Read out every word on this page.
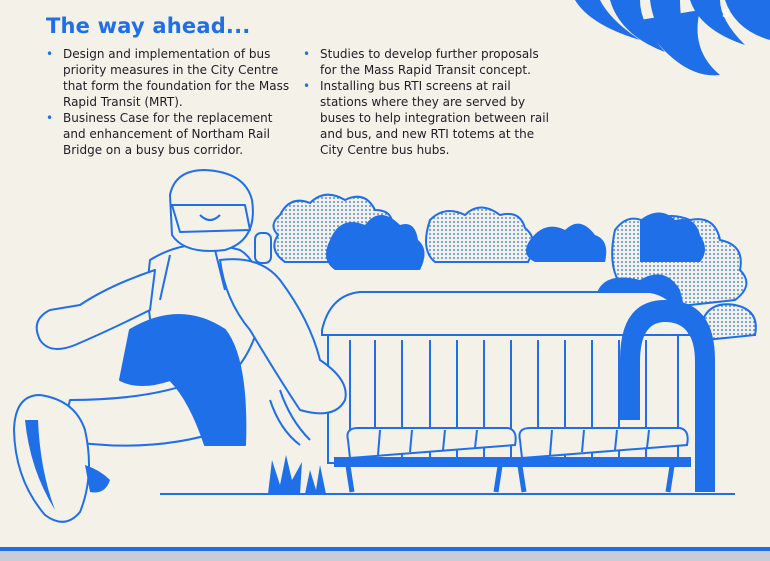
s
The way ahead...
• Design and implementation of bus priority measures in the City Centre that form the foundation for the Mass Rapid Transit (MRT).
• Business Case for the replacement and enhancement of Northam Rail Bridge on a busy bus corridor.
• Studies to develop further proposals for the Mass Rapid Transit concept.
• Installing bus RTI screens at rail stations where they are served by buses to help integration between rail and bus, and new RTI totems at the City Centre bus hubs.
